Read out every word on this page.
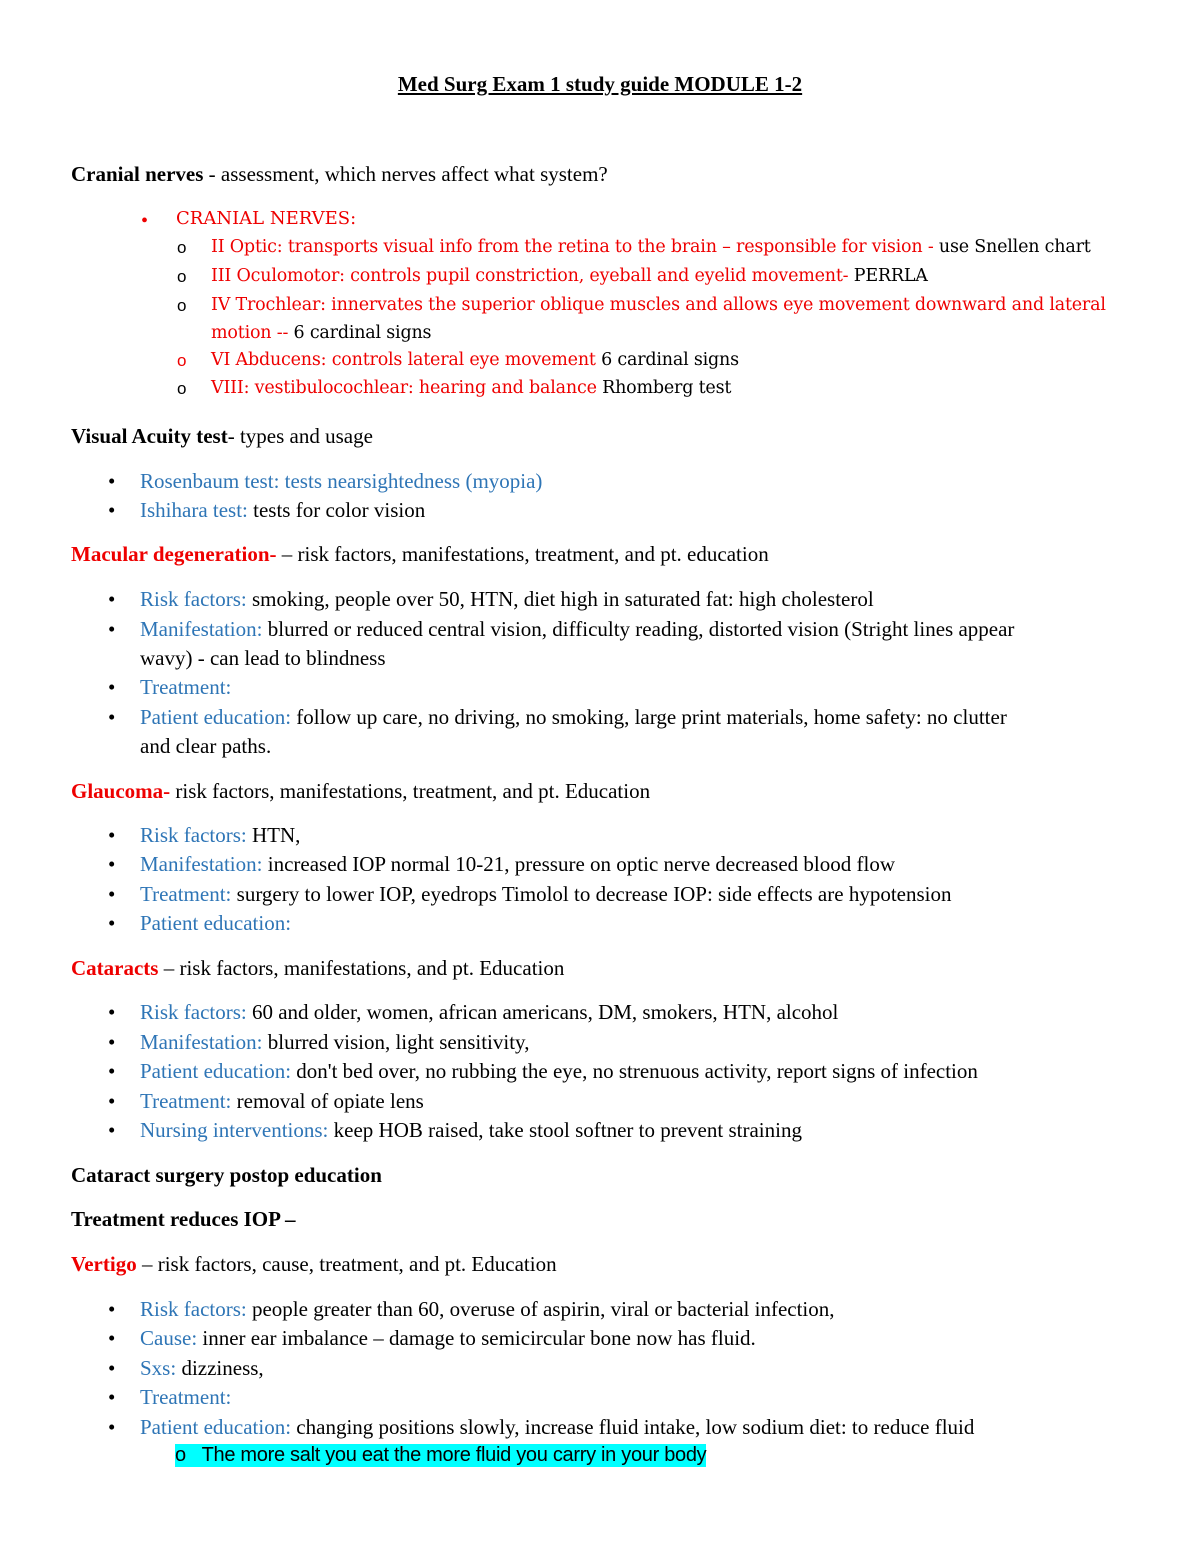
Med Surg Exam 1 study guide MODULE 1-2
Cranial nerves - assessment, which nerves affect what system?
• CRANIAL NERVES:
o II Optic: transports visual info from the retina to the brain – responsible for vision - use Snellen chart
o III Oculomotor: controls pupil constriction, eyeball and eyelid movement- PERRLA
o IV Trochlear: innervates the superior oblique muscles and allows eye movement downward and lateral
motion -- 6 cardinal signs
o VI Abducens: controls lateral eye movement 6 cardinal signs
o VIII: vestibulocochlear: hearing and balance Rhomberg test
Visual Acuity test- types and usage
• Rosenbaum test: tests nearsightedness (myopia)
• Ishihara test: tests for color vision
Macular degeneration- – risk factors, manifestations, treatment, and pt. education
• Risk factors: smoking, people over 50, HTN, diet high in saturated fat: high cholesterol
• Manifestation: blurred or reduced central vision, difficulty reading, distorted vision (Stright lines appear
wavy) - can lead to blindness
• Treatment:
• Patient education: follow up care, no driving, no smoking, large print materials, home safety: no clutter
and clear paths.
Glaucoma- risk factors, manifestations, treatment, and pt. Education
• Risk factors: HTN,
• Manifestation: increased IOP normal 10-21, pressure on optic nerve decreased blood flow
• Treatment: surgery to lower IOP, eyedrops Timolol to decrease IOP: side effects are hypotension
• Patient education:
Cataracts – risk factors, manifestations, and pt. Education
• Risk factors: 60 and older, women, african americans, DM, smokers, HTN, alcohol
• Manifestation: blurred vision, light sensitivity,
• Patient education: don't bed over, no rubbing the eye, no strenuous activity, report signs of infection
• Treatment: removal of opiate lens
• Nursing interventions: keep HOB raised, take stool softner to prevent straining
Cataract surgery postop education
Treatment reduces IOP –
Vertigo – risk factors, cause, treatment, and pt. Education
• Risk factors: people greater than 60, overuse of aspirin, viral or bacterial infection,
• Cause: inner ear imbalance – damage to semicircular bone now has fluid.
• Sxs: dizziness,
• Treatment:
• Patient education: changing positions slowly, increase fluid intake, low sodium diet: to reduce fluid
o The more salt you eat the more fluid you carry in your body
